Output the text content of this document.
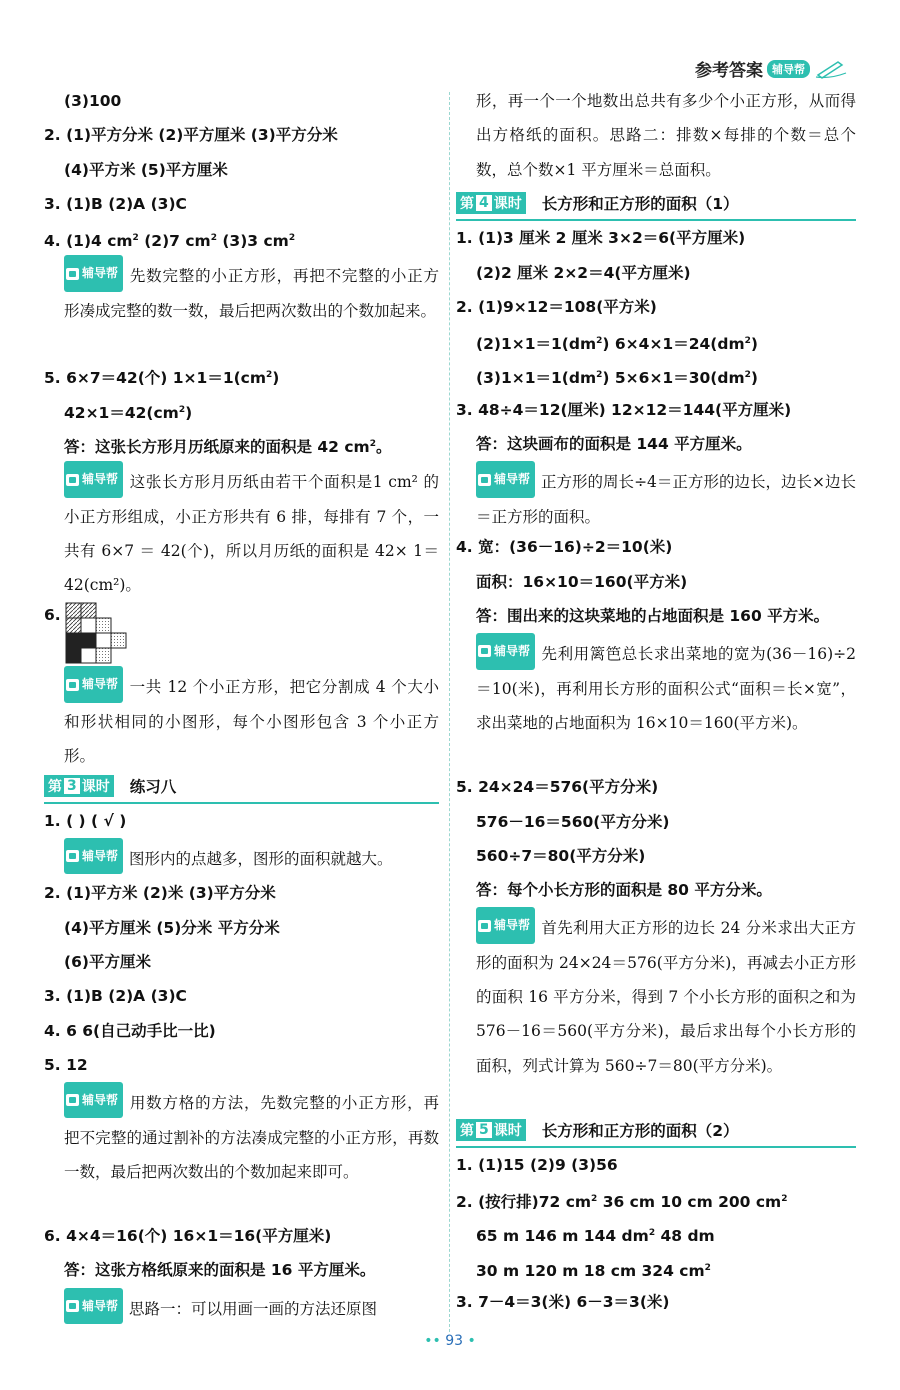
参考答案 辅导帮
(3)100
2. (1)平方分米 (2)平方厘米 (3)平方分米
(4)平方米 (5)平方厘米
3. (1)B (2)A (3)C
4. (1)4 $cm^2$ (2)7 $cm^2$ (3)3 $cm^2$
辅导帮 先数完整的小正方形，再把不完整的小正方形凑成完整的数一数，最后把两次数出的个数加起来。
5. 6×7＝42(个) $1\times 1=1(cm^2)$
$42\times 1=42(cm^2)$
答：这张长方形月历纸原来的面积是 42 $cm^2$。
辅导帮 这张长方形月历纸由若干个面积是1 cm² 的小正方形组成，小正方形共有 6 排，每排有 7 个，一共有 6×7 ＝ 42(个)，所以月历纸的面积是 42× 1＝42(cm²)。
6.
辅导帮 一共 12 个小正方形，把它分割成 4 个大小和形状相同的小图形，每个小图形包含 3 个小正方形。
第 3 课时 练习八
1. ( ) ( √ )
辅导帮 图形内的点越多，图形的面积就越大。
2. (1)平方米 (2)米 (3)平方分米
(4)平方厘米 (5)分米 平方分米
(6)平方厘米
3. (1)B (2)A (3)C
4. 6 6(自己动手比一比)
5. 12
辅导帮 用数方格的方法，先数完整的小正方形，再把不完整的通过割补的方法凑成完整的小正方形，再数一数，最后把两次数出的个数加起来即可。
6. 4×4＝16(个) 16×1＝16(平方厘米)
答：这张方格纸原来的面积是 16 平方厘米。
辅导帮 思路一：可以用画一画的方法还原图
形，再一个一个地数出总共有多少个小正方形，从而得出方格纸的面积。思路二：排数×每排的个数＝总个数，总个数×1 平方厘米＝总面积。
第 4 课时 长方形和正方形的面积（1）
1. (1)3 厘米 2 厘米 3×2＝6(平方厘米)
(2)2 厘米 2×2＝4(平方厘米)
2. (1)9×12＝108(平方米)
$(2)1\times 1=1(dm^2)$ $6\times 4\times 1=24(dm^2)$
$(3)1\times 1=1(dm^2)$ $5\times 6\times 1=30(dm^2)$
3. 48÷4＝12(厘米) 12×12＝144(平方厘米)
答：这块画布的面积是 144 平方厘米。
辅导帮 正方形的周长÷4＝正方形的边长，边长×边长＝正方形的面积。
4. 宽：(36－16)÷2＝10(米)
面积：16×10＝160(平方米)
答：围出来的这块菜地的占地面积是 160 平方米。
辅导帮 先利用篱笆总长求出菜地的宽为(36－16)÷2＝10(米)，再利用长方形的面积公式“面积＝长×宽”，求出菜地的占地面积为 16×10＝160(平方米)。
5. 24×24＝576(平方分米)
576－16＝560(平方分米)
560÷7＝80(平方分米)
答：每个小长方形的面积是 80 平方分米。
辅导帮 首先利用大正方形的边长 24 分米求出大正方形的面积为 24×24＝576(平方分米)，再减去小正方形的面积 16 平方分米，得到 7 个小长方形的面积之和为 576－16＝560(平方分米)，最后求出每个小长方形的面积，列式计算为 560÷7＝80(平方分米)。
第 5 课时 长方形和正方形的面积（2）
1. (1)15 (2)9 (3)56
2. (按行排)72 $cm^2$ 36 cm 10 cm 200 $cm^2$
65 m 146 m 144 $dm^2$ 48 dm
30 m 120 m 18 cm 324 $cm^2$
3. 7－4＝3(米) 6－3＝3(米)
•• 93 •
